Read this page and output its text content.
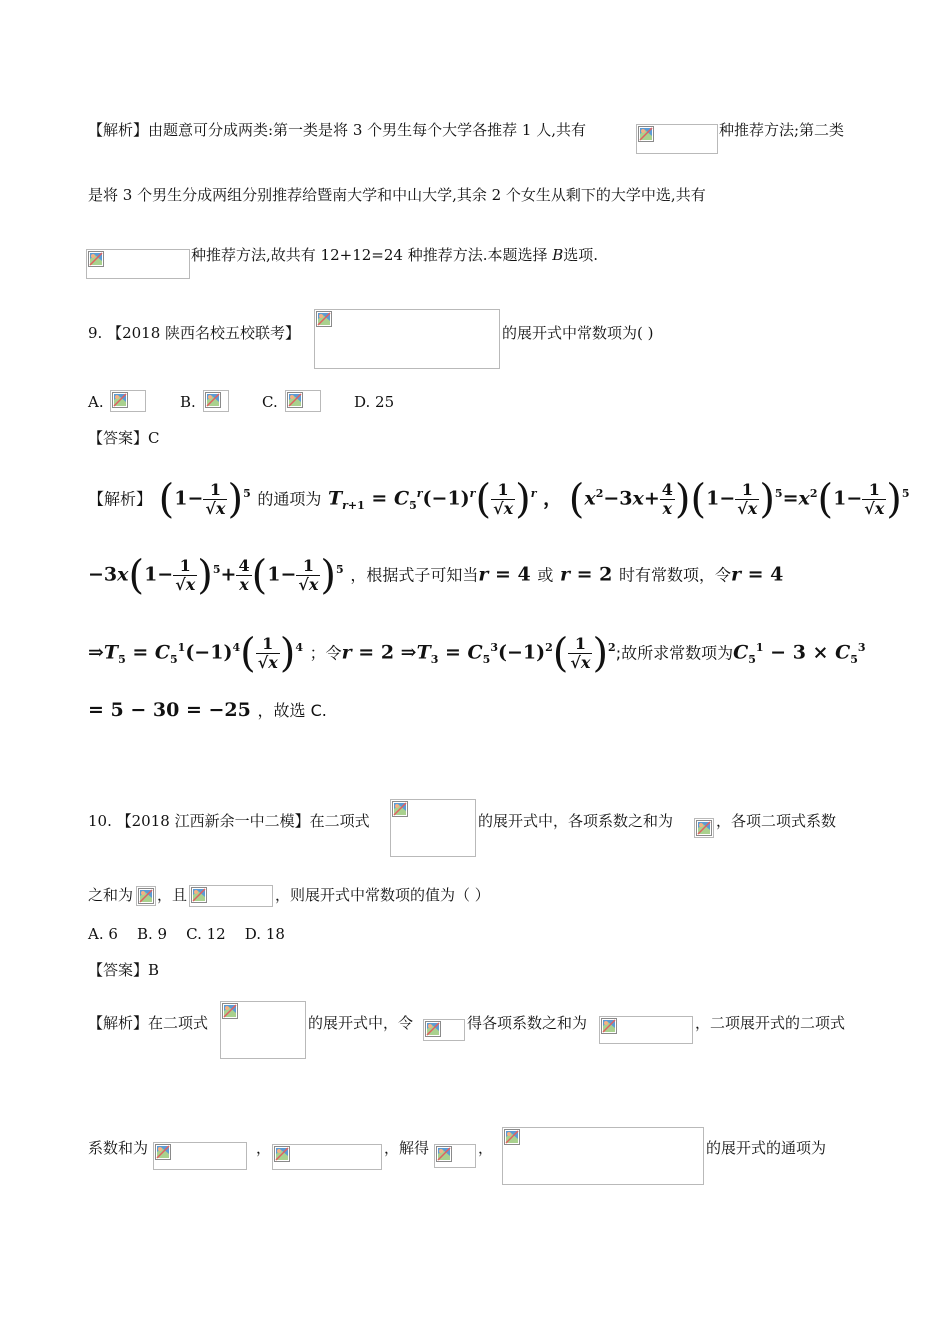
【解析】由题意可分成两类:第一类是将 3 个男生每个大学各推荐 1 人,共有	种推荐方法;第二类
是将 3 个男生分成两组分别推荐给暨南大学和中山大学,其余 2 个女生从剩下的大学中选,共有
种推荐方法,故共有 12+12=24 种推荐方法.本题选择 B选项.
9. 【2018 陕西名校五校联考】	的展开式中常数项为( )
A.	B.	C.	D. 25
【答案】C
【解析】 $(1- \frac{1}{√x} )^5$ 的通项为 $T_{r+1} = C_5^r(-1)^r( \frac{1}{√x} )^r$ ， $(x^2-3x+ \frac{4}{x} )(1- \frac{1}{√x} )^5=x^2(1- \frac{1}{√x} )^5$
$-3x(1- \frac{1}{√x} )^5+ \frac{4}{x} (1- \frac{1}{√x} )^5$ ，根据式子可知当r = 4 或 r = 2 时有常数项，令r = 4
$\Rightarrow T_5 = C_5^1(-1)^4( \frac{1}{√x} )^4$ ；令r = 2 $\Rightarrow T_3 = C_5^3(-1)^2( \frac{1}{√x} )^2$;故所求常数项为$C_5^1 - 3 \times C_5^3$
= 5 − 30 = −25 ，故选 C.
10. 【2018 江西新余一中二模】在二项式	的展开式中，各项系数之和为	，各项二项式系数
之和为 ，且	，则展开式中常数项的值为（ ）
A. 6    B. 9    C. 12    D. 18
【答案】B
【解析】在二项式	的展开式中，令	得各项系数之和为	，二项展开式的二项式
系数和为	，	，解得	，	的展开式的通项为
